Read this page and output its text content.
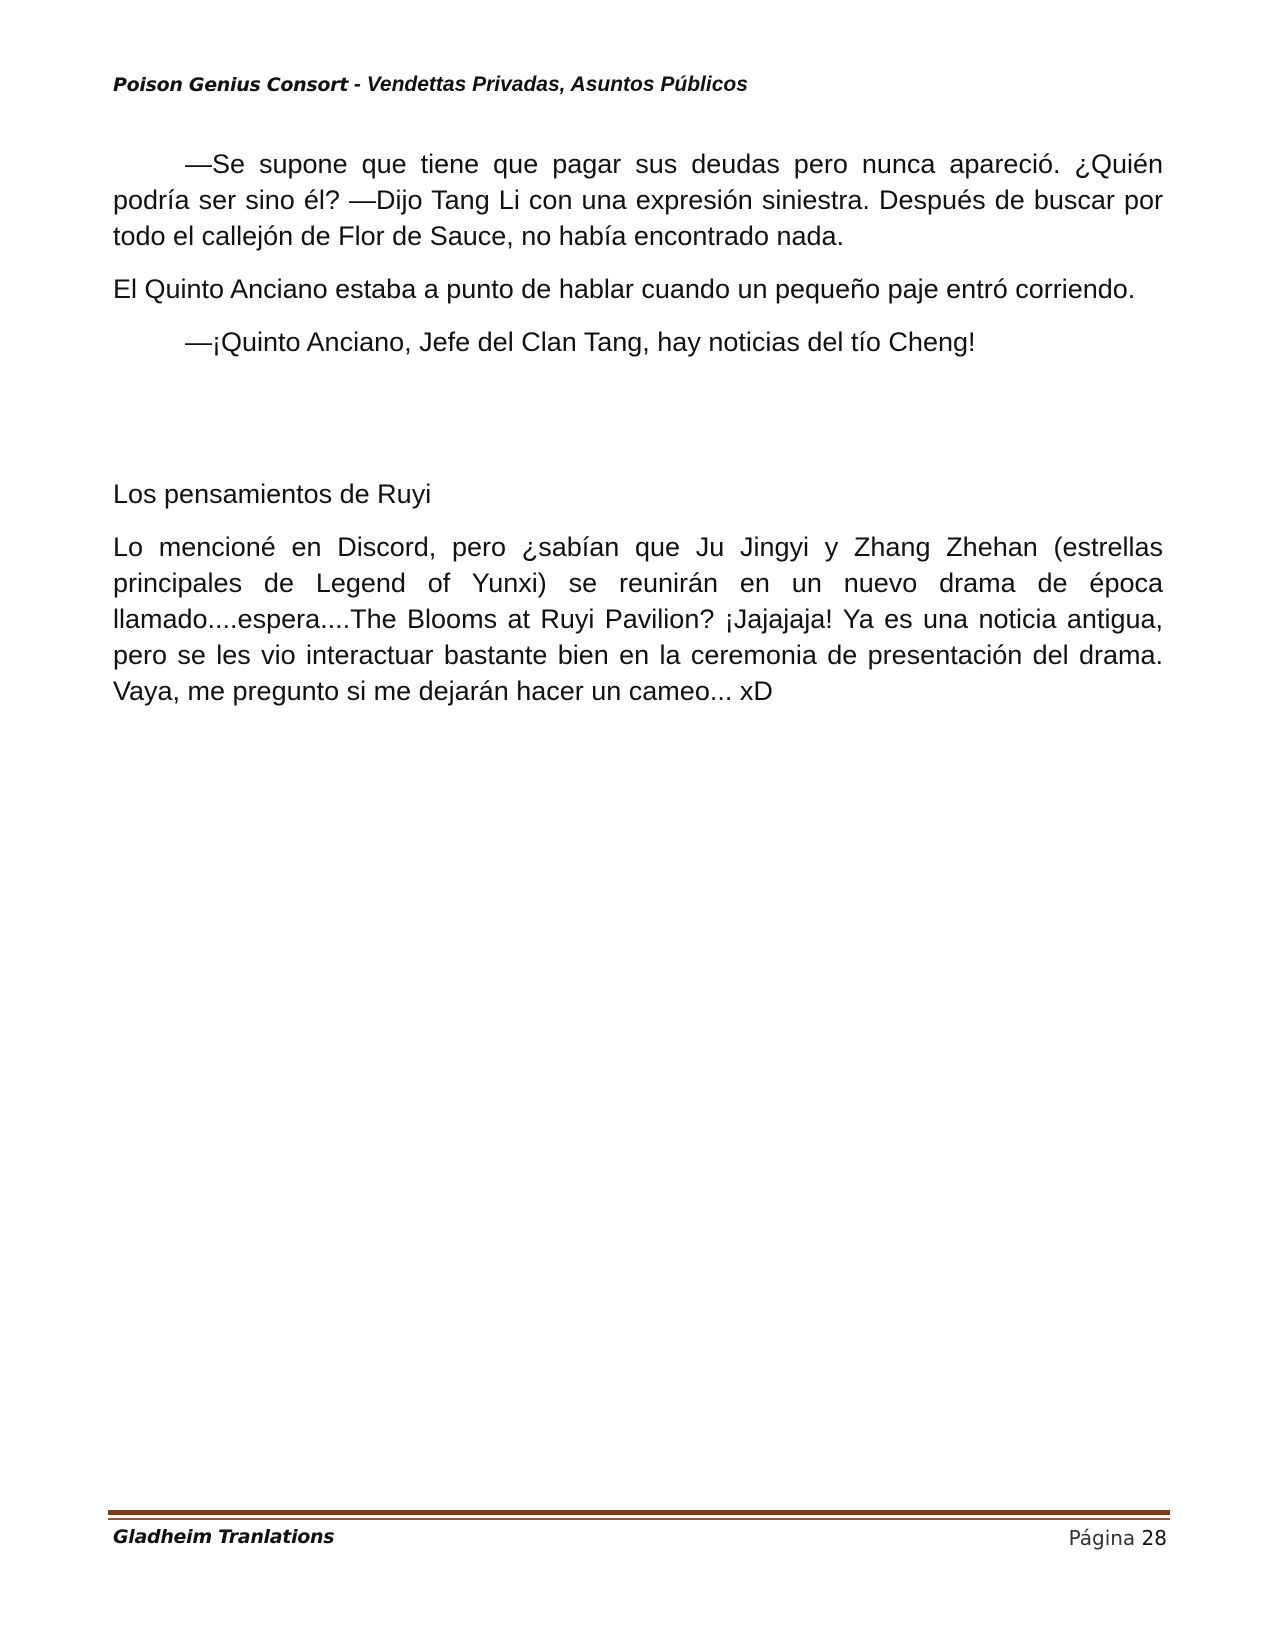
Poison Genius Consort - Vendettas Privadas, Asuntos Públicos

—Se supone que tiene que pagar sus deudas pero nunca apareció. ¿Quién podría ser sino él? —Dijo Tang Li con una expresión siniestra. Después de buscar por todo el callejón de Flor de Sauce, no había encontrado nada.

El Quinto Anciano estaba a punto de hablar cuando un pequeño paje entró corriendo.

—¡Quinto Anciano, Jefe del Clan Tang, hay noticias del tío Cheng!

Los pensamientos de Ruyi

Lo mencioné en Discord, pero ¿sabían que Ju Jingyi y Zhang Zhehan (estrellas principales de Legend of Yunxi) se reunirán en un nuevo drama de época llamado....espera....The Blooms at Ruyi Pavilion? ¡Jajajaja! Ya es una noticia antigua, pero se les vio interactuar bastante bien en la ceremonia de presentación del drama. Vaya, me pregunto si me dejarán hacer un cameo... xD

Gladheim Tranlations	Página 28
